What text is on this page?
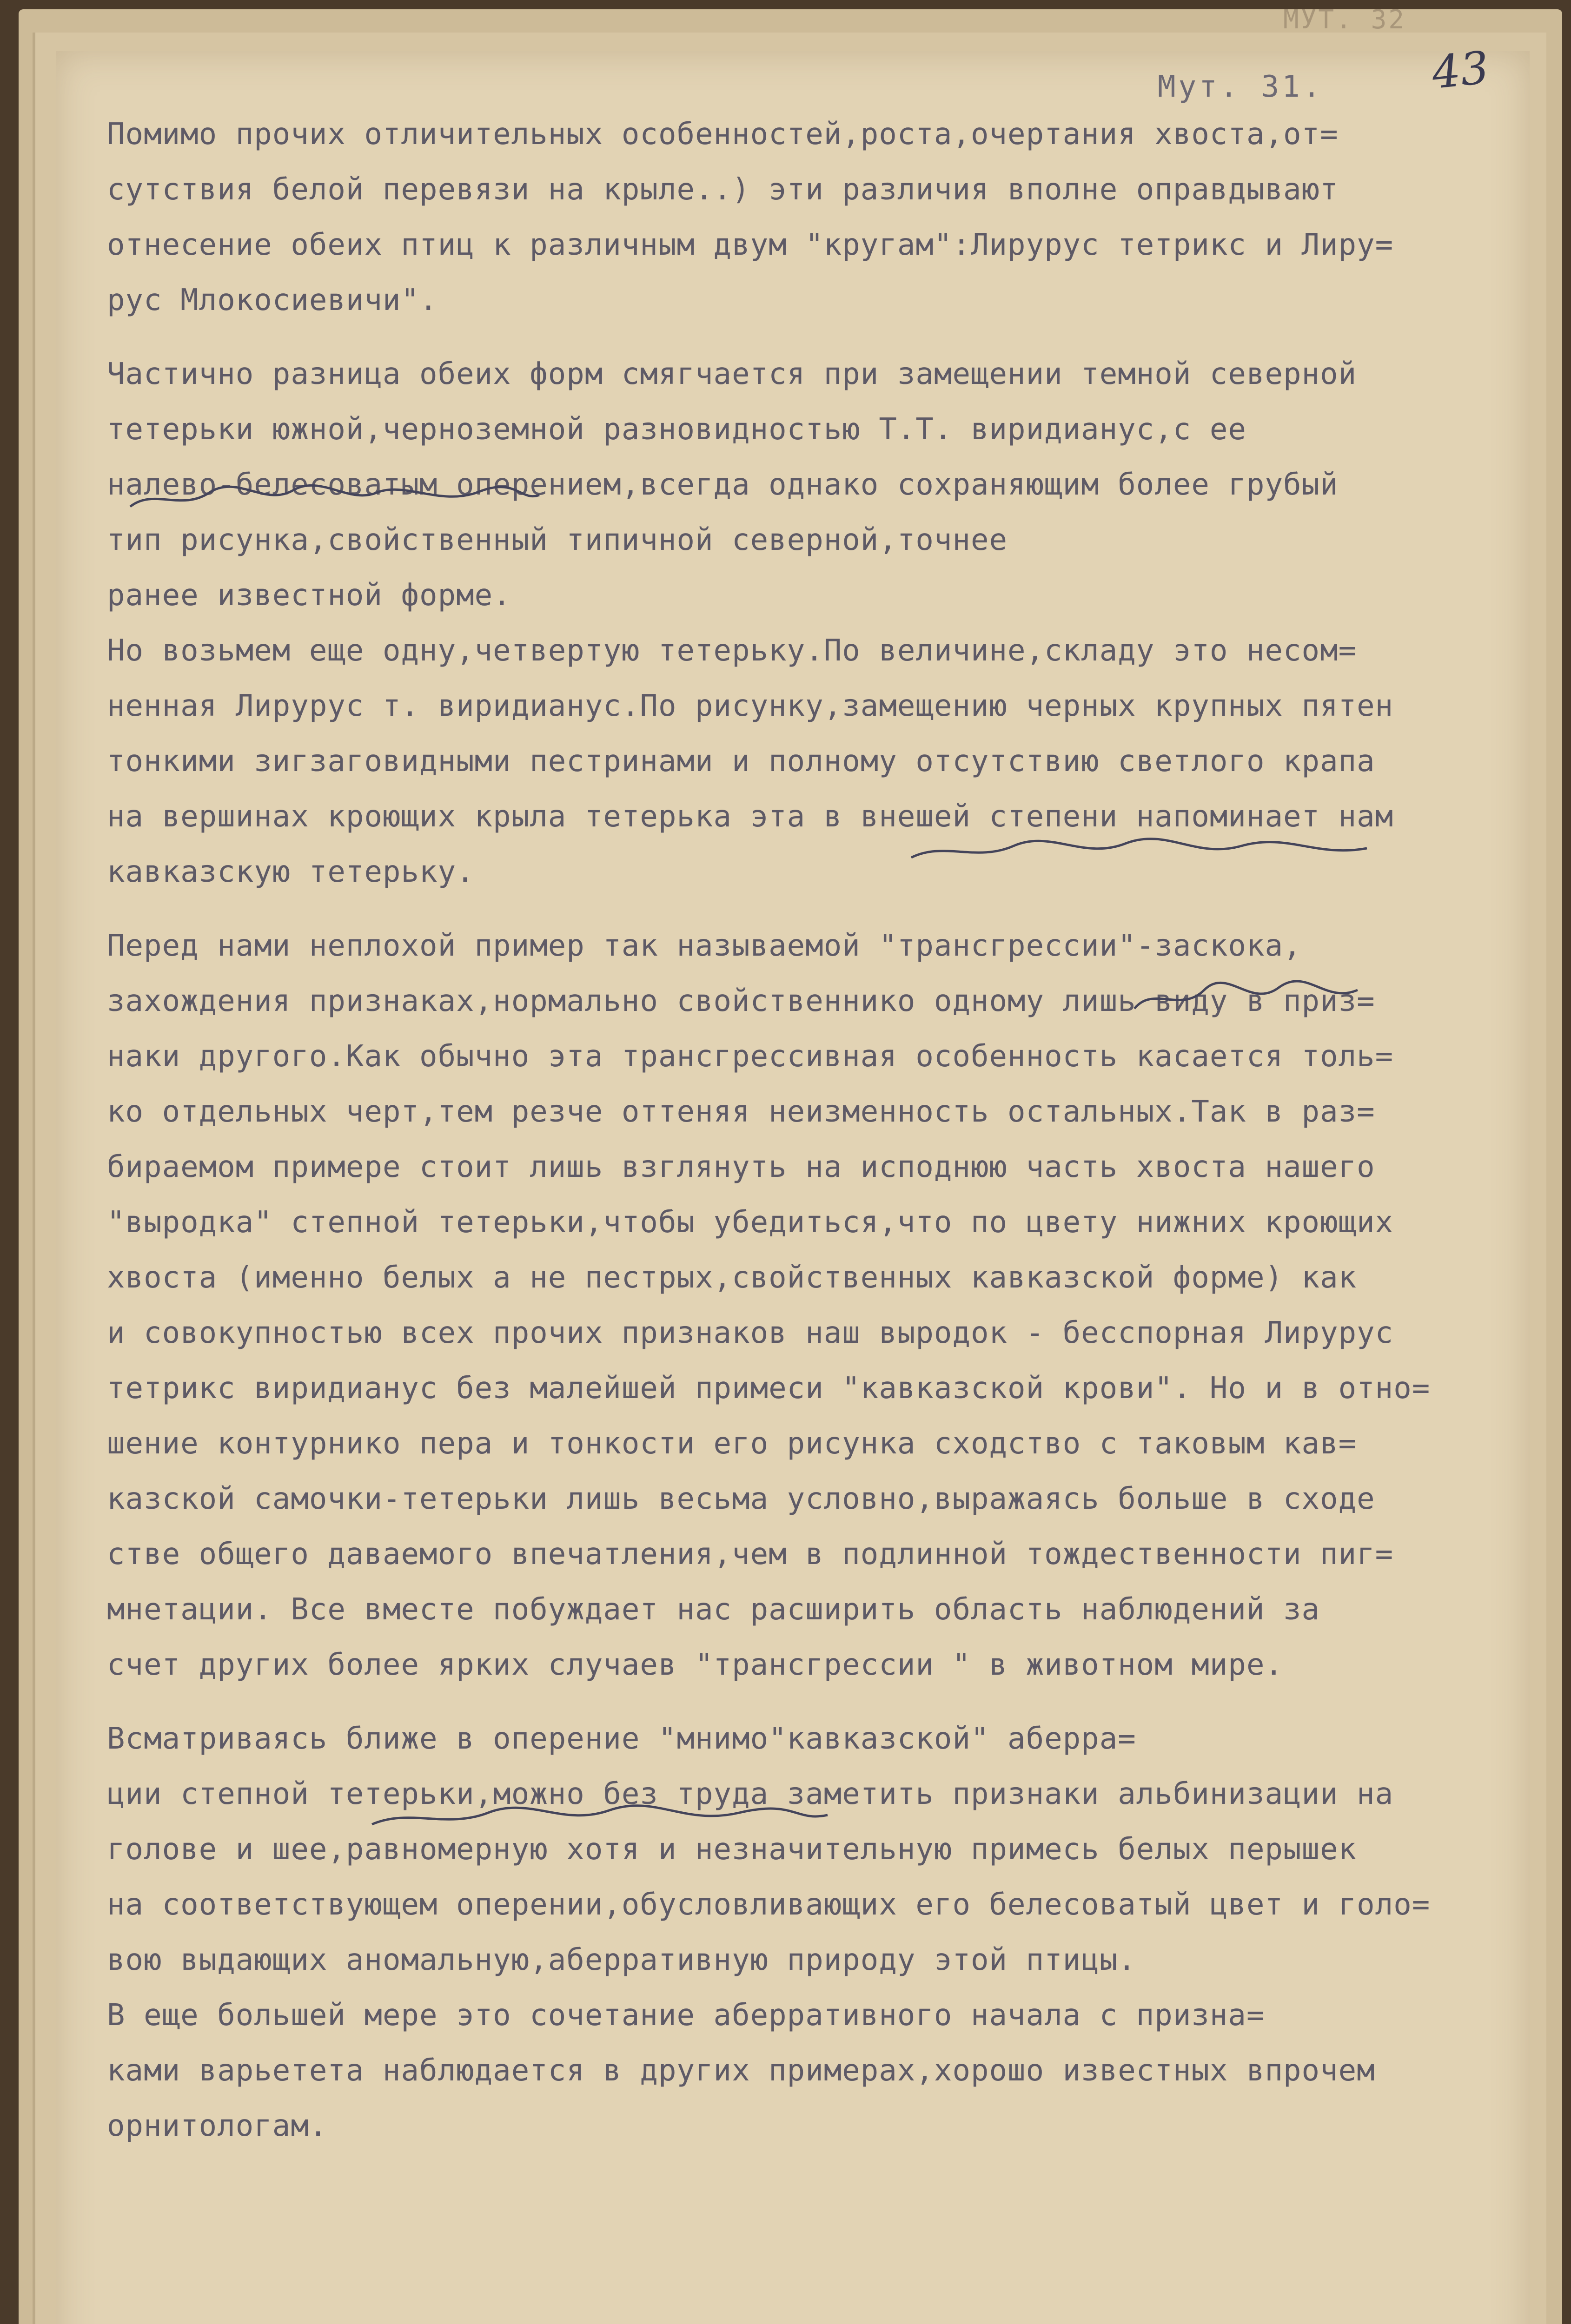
МУТ. 32
Мут. 31. 43
Помимо прочих отличительных особенностей,роста,очертания хвоста,от=
сутствия белой перевязи на крыле..) эти различия вполне оправдывают
отнесение обеих птиц к различным двум "кругам":Лирурус тетрикс и Лиру=
рус Млокосиевичи".
Частично разница обеих форм смягчается при замещении темной северной
тетерьки южной,черноземной разновидностью Т.Т. виридианус,с ее
налево-белесоватым оперением,всегда однако сохраняющим более грубый
тип рисунка,свойственный типичной северной,точнее
ранее известной форме.
Но возьмем еще одну,четвертую тетерьку.По величине,складу это несом=
ненная Лирурус т. виридианус.По рисунку,замещению черных крупных пятен
тонкими зигзаговидными пестринами и полному отсутствию светлого крапа
на вершинах кроющих крыла тетерька эта в внешей степени напоминает нам
кавказскую тетерьку.
Перед нами неплохой пример так называемой "трансгрессии"-заскока,
захождения признаках,нормально свойственнико одному лишь виду в приз=
наки другого.Как обычно эта трансгрессивная особенность касается толь=
ко отдельных черт,тем резче оттеняя неизменность остальных.Так в раз=
бираемом примере стоит лишь взглянуть на исподнюю часть хвоста нашего
"выродка" степной тетерьки,чтобы убедиться,что по цвету нижних кроющих
хвоста (именно белых а не пестрых,свойственных кавказской форме) как
и совокупностью всех прочих признаков наш выродок - бесспорная Лирурус
тетрикс виридианус без малейшей примеси "кавказской крови". Но и в отно=
шение контурнико пера и тонкости его рисунка сходство с таковым кав=
казской самочки-тетерьки лишь весьма условно,выражаясь больше в сходе
стве общего даваемого впечатления,чем в подлинной тождественности пиг=
мнетации. Все вместе побуждает нас расширить область наблюдений за
счет других более ярких случаев "трансгрессии " в животном мире.
Всматриваясь ближе в оперение "мнимо"кавказской" аберра=
ции степной тетерьки,можно без труда заметить признаки альбинизации на
голове и шее,равномерную хотя и незначительную примесь белых перышек
на соответствующем оперении,обусловливающих его белесоватый цвет и голо=
вою выдающих аномальную,аберративную природу этой птицы.
В еще большей мере это сочетание аберративного начала с призна=
ками варьетета наблюдается в других примерах,хорошо известных впрочем
орнитологам.
